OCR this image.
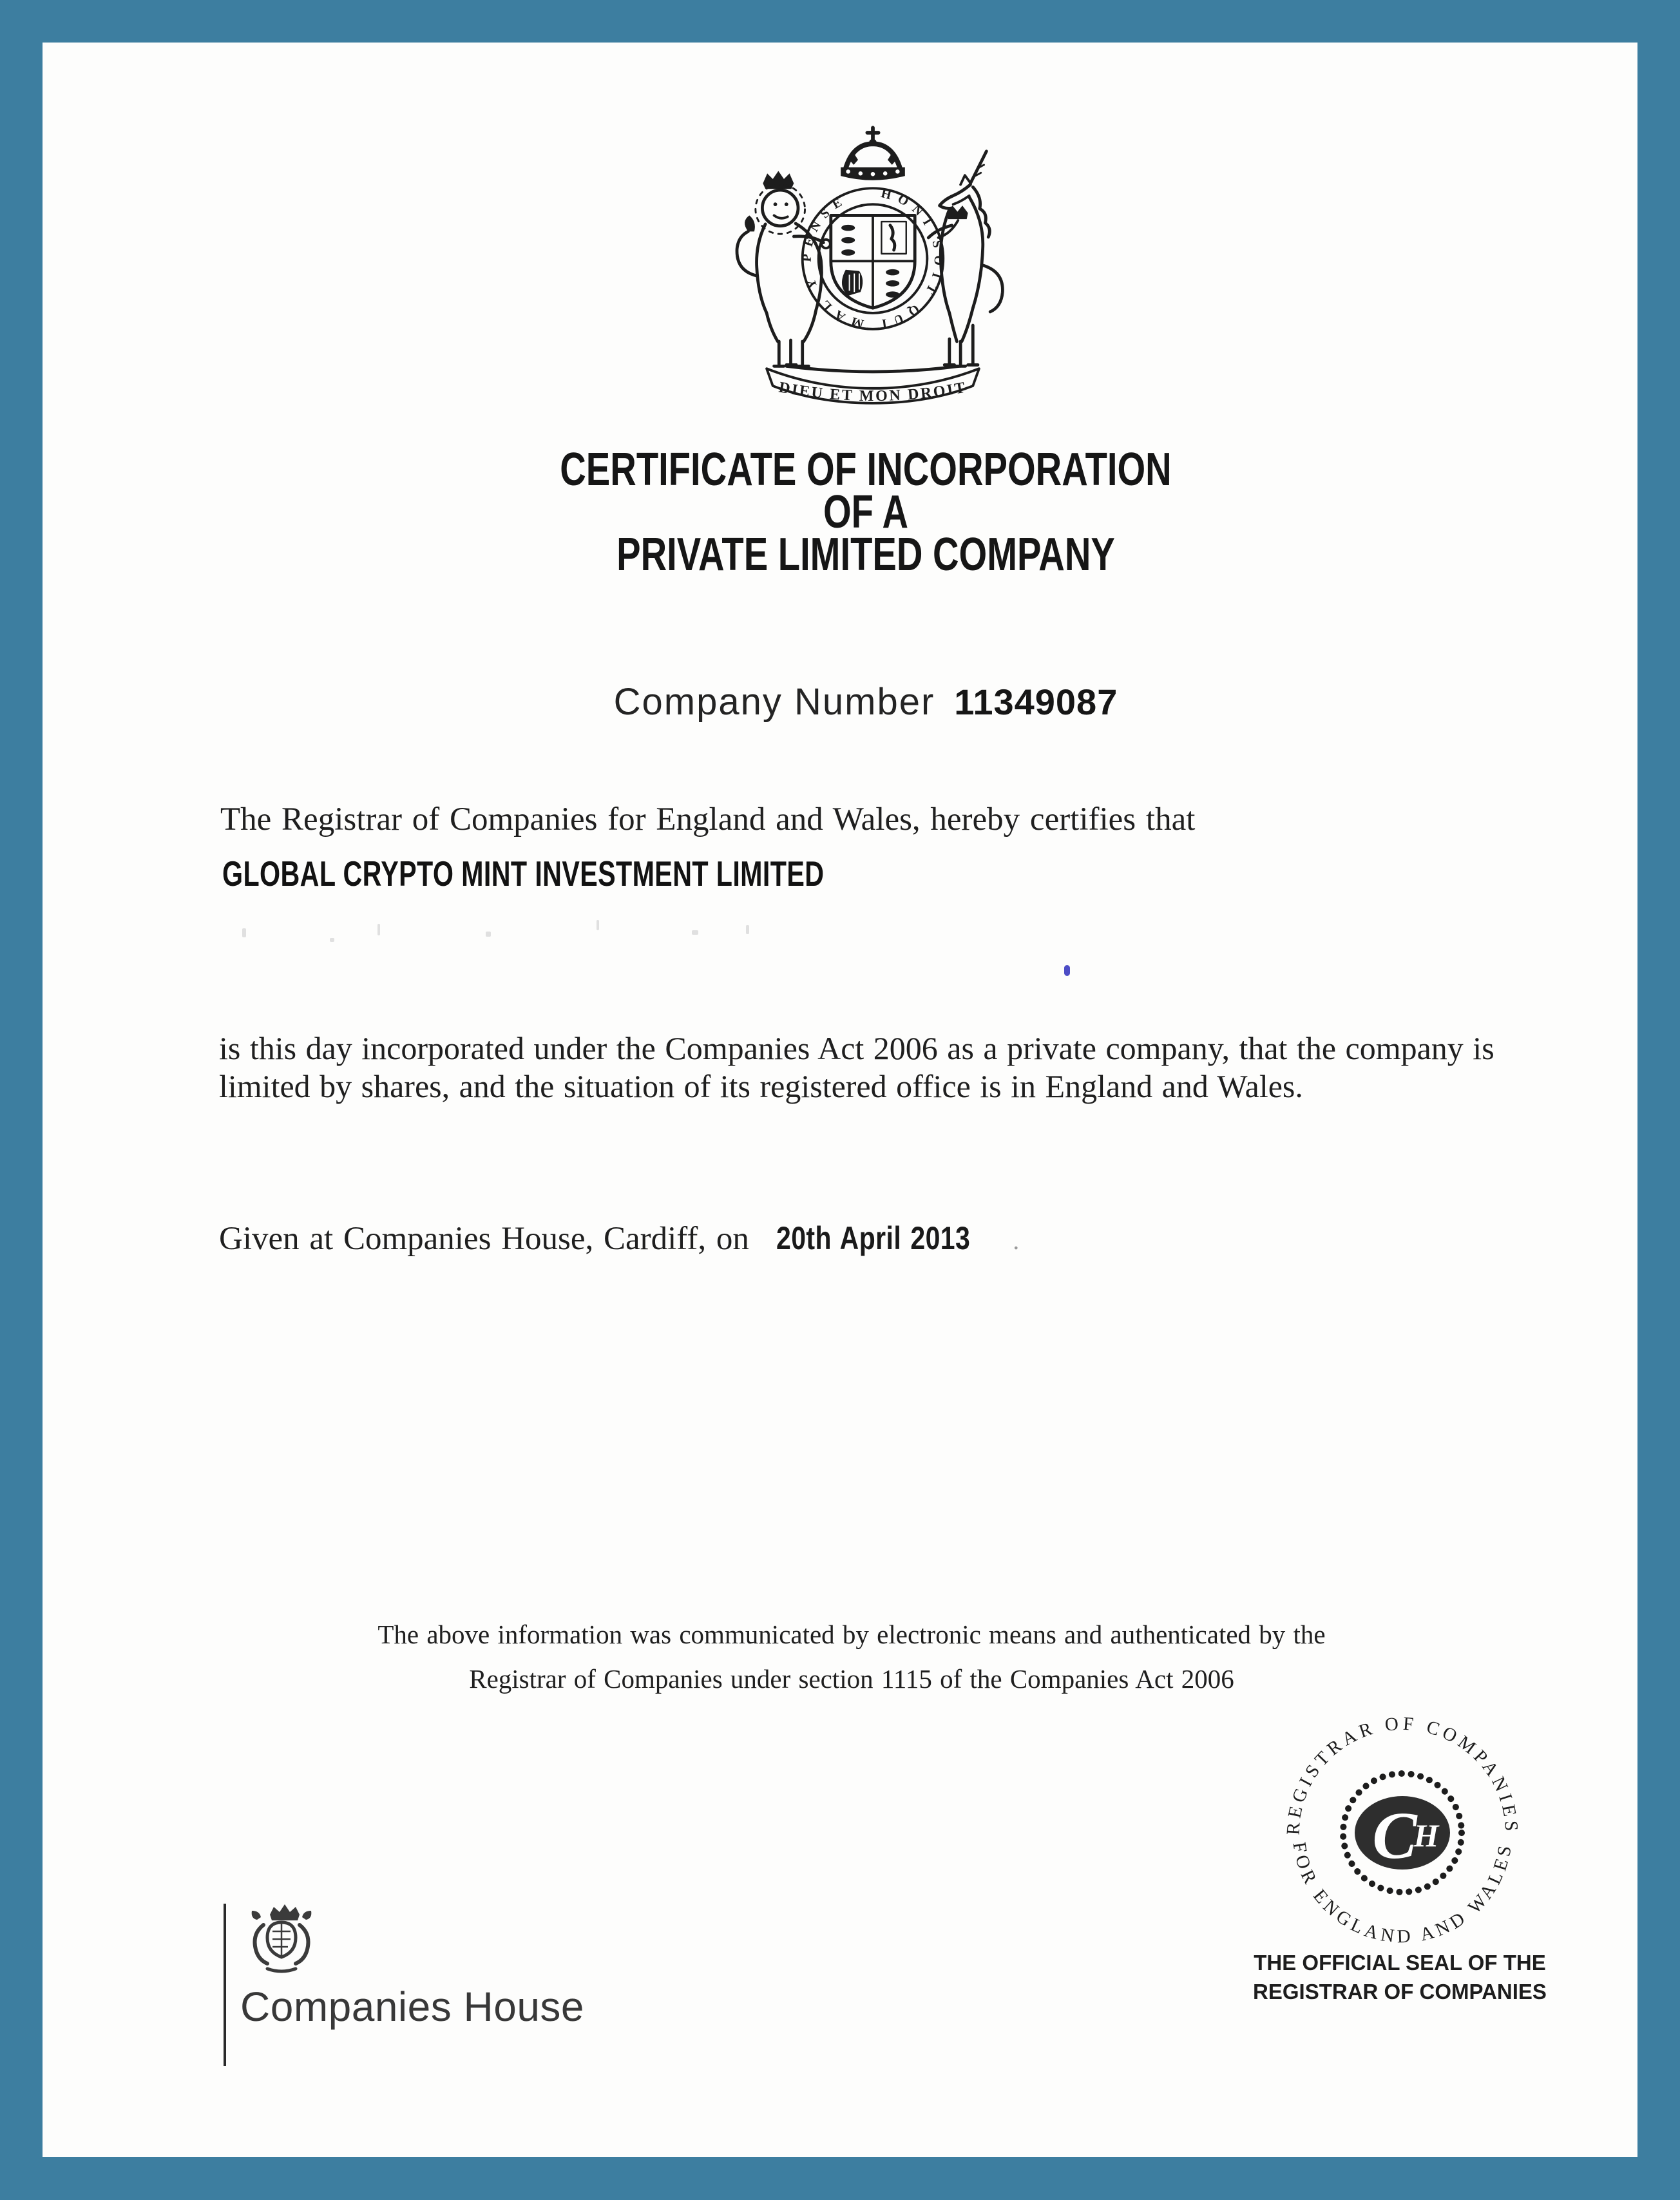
HONI SOIT QUI MAL Y PENSE
DIEU ET MON DROIT
CERTIFICATE OF INCORPORATION
OF A
PRIVATE LIMITED COMPANY
Company Number 11349087
The Registrar of Companies for England and Wales, hereby certifies that
GLOBAL CRYPTO MINT INVESTMENT LIMITED
is this day incorporated under the Companies Act 2006 as a private company, that the company is limited by shares, and the situation of its registered office is in England and Wales.
Given at Companies House, Cardiff, on 20th April 2013 .
The above information was communicated by electronic means and authenticated by the
Registrar of Companies under section 1115 of the Companies Act 2006
REGISTRAR OF COMPANIES
FOR ENGLAND AND WALES
C
H
THE OFFICIAL SEAL OF THE
REGISTRAR OF COMPANIES
Companies House
